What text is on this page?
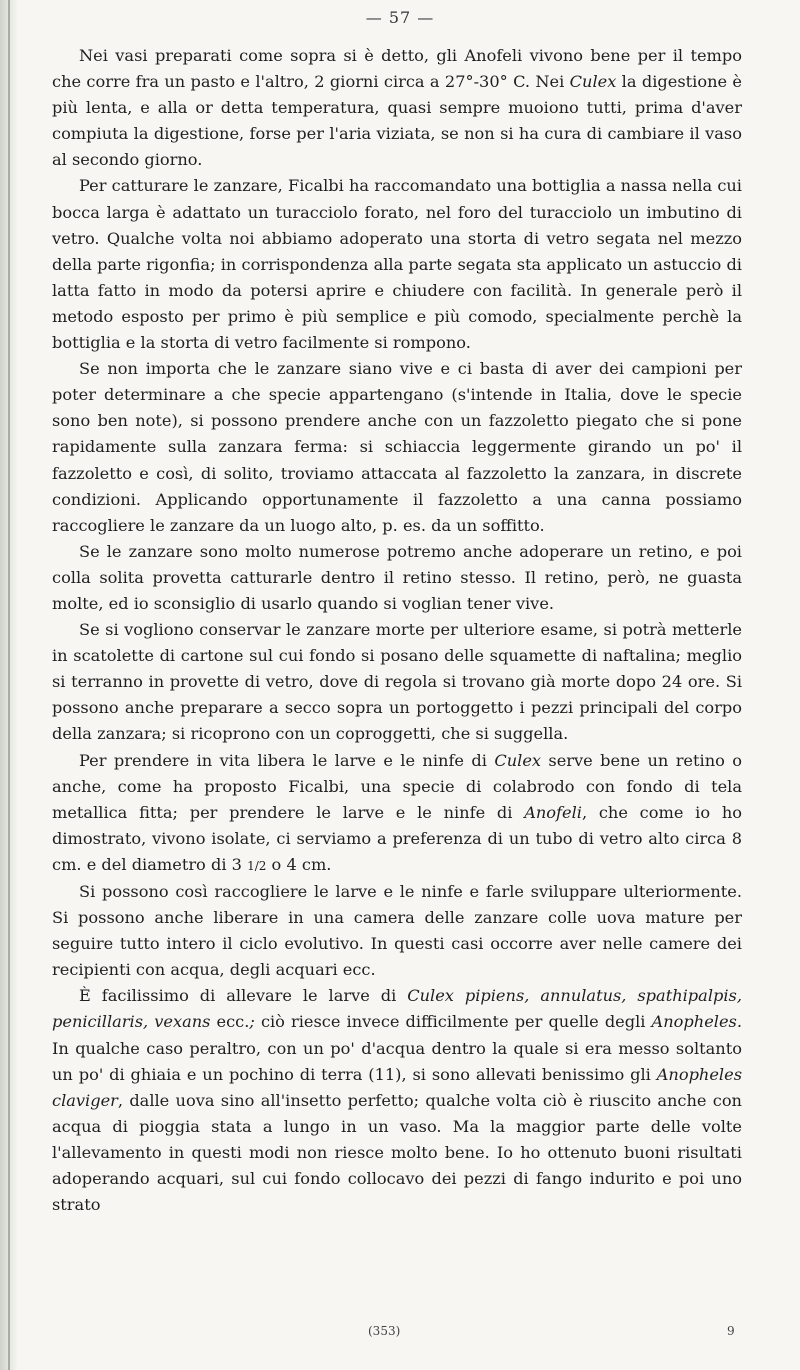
— 57 —

Nei vasi preparati come sopra si è detto, gli Anofeli vivono bene per il tempo che corre fra un pasto e l'altro, 2 giorni circa a 27°-30° C. Nei Culex la digestione è più lenta, e alla or detta temperatura, quasi sempre muoiono tutti, prima d'aver compiuta la digestione, forse per l'aria viziata, se non si ha cura di cambiare il vaso al secondo giorno.

Per catturare le zanzare, Ficalbi ha raccomandato una bottiglia a nassa nella cui bocca larga è adattato un turacciolo forato, nel foro del turacciolo un imbutino di vetro. Qualche volta noi abbiamo adoperato una storta di vetro segata nel mezzo della parte rigonfia; in corrispondenza alla parte segata sta applicato un astuccio di latta fatto in modo da potersi aprire e chiudere con facilità. In generale però il metodo esposto per primo è più semplice e più comodo, specialmente perchè la bottiglia e la storta di vetro facilmente si rompono.

Se non importa che le zanzare siano vive e ci basta di aver dei campioni per poter determinare a che specie appartengano (s'intende in Italia, dove le specie sono ben note), si possono prendere anche con un fazzoletto piegato che si pone rapidamente sulla zanzara ferma: si schiaccia leggermente girando un po' il fazzoletto e così, di solito, troviamo attaccata al fazzoletto la zanzara, in discrete condizioni. Applicando opportunamente il fazzoletto a una canna possiamo raccogliere le zanzare da un luogo alto, p. es. da un soffitto.

Se le zanzare sono molto numerose potremo anche adoperare un retino, e poi colla solita provetta catturarle dentro il retino stesso. Il retino, però, ne guasta molte, ed io sconsiglio di usarlo quando si voglian tener vive.

Se si vogliono conservar le zanzare morte per ulteriore esame, si potrà metterle in scatolette di cartone sul cui fondo si posano delle squamette di naftalina; meglio si terranno in provette di vetro, dove di regola si trovano già morte dopo 24 ore. Si possono anche preparare a secco sopra un portoggetto i pezzi principali del corpo della zanzara; si ricoprono con un coproggetti, che si suggella.

Per prendere in vita libera le larve e le ninfe di Culex serve bene un retino o anche, come ha proposto Ficalbi, una specie di colabrodo con fondo di tela metallica fitta; per prendere le larve e le ninfe di Anofeli, che come io ho dimostrato, vivono isolate, ci serviamo a preferenza di un tubo di vetro alto circa 8 cm. e del diametro di 3 1/2 o 4 cm.

Si possono così raccogliere le larve e le ninfe e farle svilupparе ulteriormente. Si possono anche liberare in una camera delle zanzare colle uova mature per seguire tutto intero il ciclo evolutivo. In questi casi occorre aver nelle camere dei recipienti con acqua, degli acquari ecc.

È facilissimo di allevare le larve di Culex pipiens, annulatus, spathipalpis, penicillaris, vexans ecc.; ciò riesce invece difficilmente per quelle degli Anopheles. In qualche caso peraltro, con un po' d'acqua dentro la quale si era messo soltanto un po' di ghiaia e un pochino di terra (11), si sono allevati benissimo gli Anopheles claviger, dalle uova sino all'insetto perfetto; qualche volta ciò è riuscito anche con acqua di pioggia stata a lungo in un vaso. Ma la maggior parte delle volte l'allevamento in questi modi non riesce molto bene. Io ho ottenuto buoni risultati adoperando acquari, sul cui fondo collocavo dei pezzi di fango indurito e poi uno strato

(353)	9
